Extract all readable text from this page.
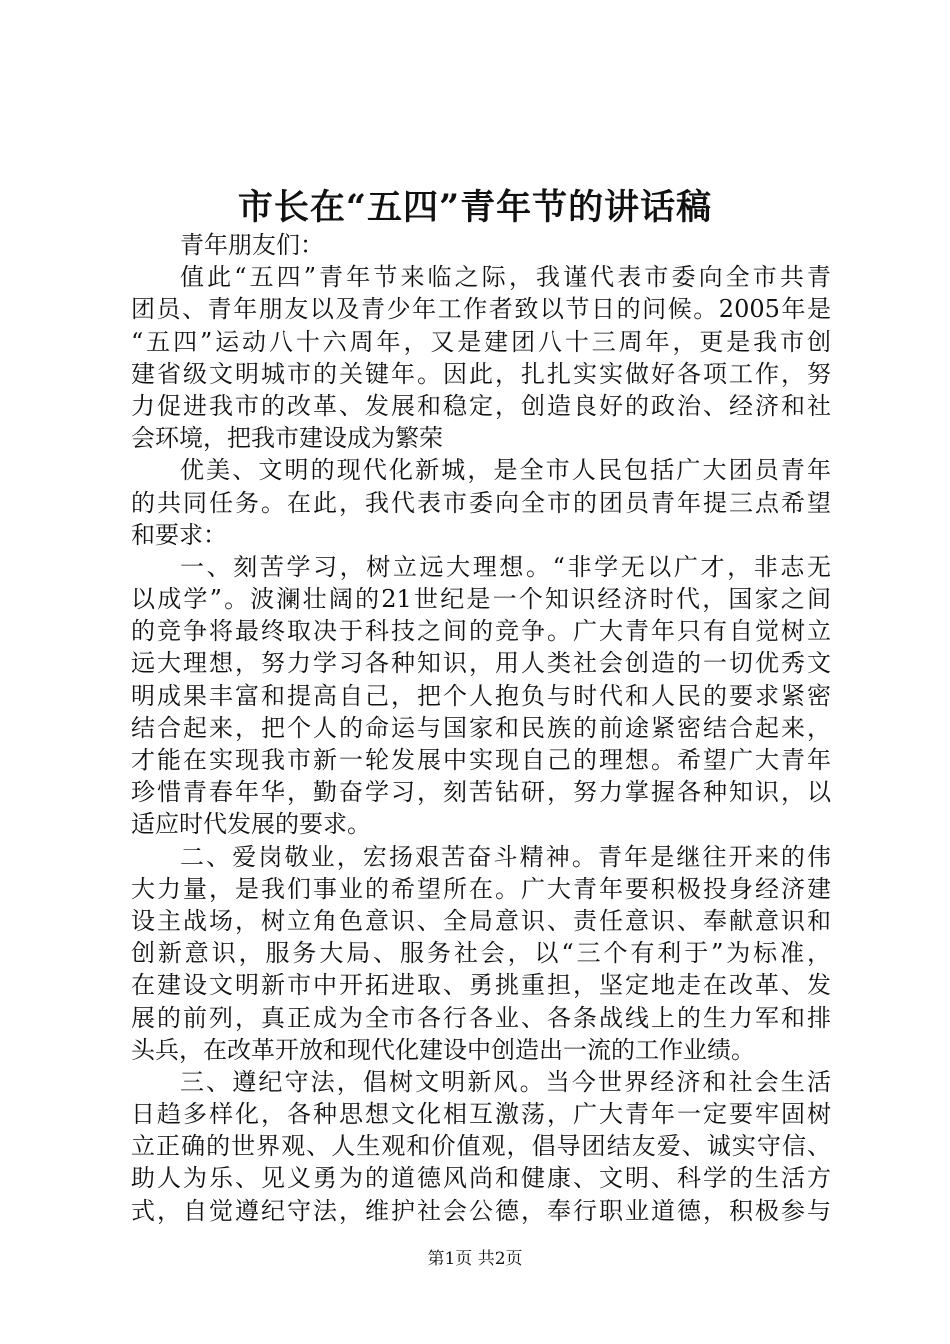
市长在“五四”青年节的讲话稿
青年朋友们：
值此“五四”青年节来临之际，我谨代表市委向全市共青
团员、青年朋友以及青少年工作者致以节日的问候。2005年是
“五四”运动八十六周年，又是建团八十三周年，更是我市创
建省级文明城市的关键年。因此，扎扎实实做好各项工作，努
力促进我市的改革、发展和稳定，创造良好的政治、经济和社
会环境，把我市建设成为繁荣
优美、文明的现代化新城，是全市人民包括广大团员青年
的共同任务。在此，我代表市委向全市的团员青年提三点希望
和要求：
一、刻苦学习，树立远大理想。“非学无以广才，非志无
以成学”。波澜壮阔的21世纪是一个知识经济时代，国家之间
的竞争将最终取决于科技之间的竞争。广大青年只有自觉树立
远大理想，努力学习各种知识，用人类社会创造的一切优秀文
明成果丰富和提高自己，把个人抱负与时代和人民的要求紧密
结合起来，把个人的命运与国家和民族的前途紧密结合起来，
才能在实现我市新一轮发展中实现自己的理想。希望广大青年
珍惜青春年华，勤奋学习，刻苦钻研，努力掌握各种知识，以
适应时代发展的要求。
二、爱岗敬业，宏扬艰苦奋斗精神。青年是继往开来的伟
大力量，是我们事业的希望所在。广大青年要积极投身经济建
设主战场，树立角色意识、全局意识、责任意识、奉献意识和
创新意识，服务大局、服务社会，以“三个有利于”为标准，
在建设文明新市中开拓进取、勇挑重担，坚定地走在改革、发
展的前列，真正成为全市各行各业、各条战线上的生力军和排
头兵，在改革开放和现代化建设中创造出一流的工作业绩。
三、遵纪守法，倡树文明新风。当今世界经济和社会生活
日趋多样化，各种思想文化相互激荡，广大青年一定要牢固树
立正确的世界观、人生观和价值观，倡导团结友爱、诚实守信、
助人为乐、见义勇为的道德风尚和健康、文明、科学的生活方
式，自觉遵纪守法，维护社会公德，奉行职业道德，积极参与
第1页 共2页
